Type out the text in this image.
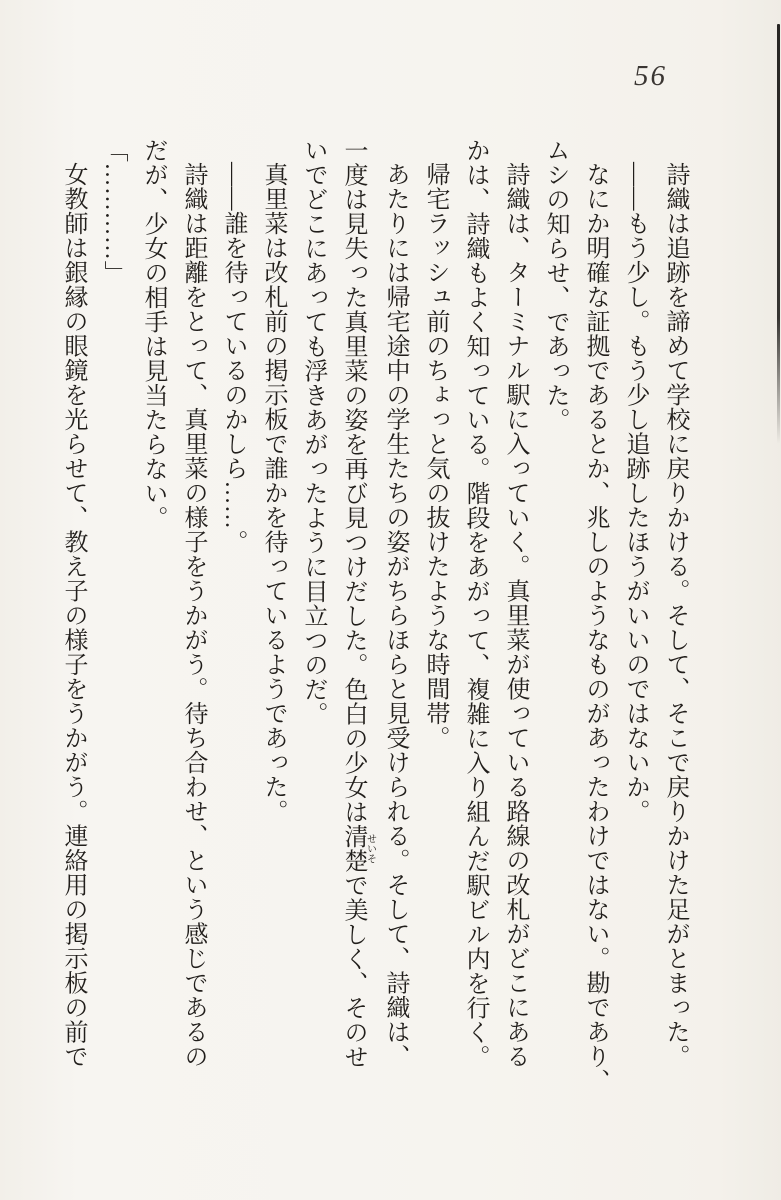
56
詩織は追跡を諦めて学校に戻りかける。そして、そこで戻りかけた足がとまった。
――もう少し。もう少し追跡したほうがいいのではないか。
なにか明確な証拠であるとか、兆しのようなものがあったわけではない。勘であり、
ムシの知らせ、であった。
詩織は、ターミナル駅に入っていく。真里菜が使っている路線の改札がどこにある
かは、詩織もよく知っている。階段をあがって、複雑に入り組んだ駅ビル内を行く。
帰宅ラッシュ前のちょっと気の抜けたような時間帯。
あたりには帰宅途中の学生たちの姿がちらほらと見受けられる。そして、詩織は、
一度は見失った真里菜の姿を再び見つけだした。色白の少女は清楚せいそで美しく、そのせ
いでどこにあっても浮きあがったように目立つのだ。
真里菜は改札前の掲示板で誰かを待っているようであった。
――誰を待っているのかしら……。
詩織は距離をとって、真里菜の様子をうかがう。待ち合わせ、という感じであるの
だが、少女の相手は見当たらない。
「…………」
女教師は銀縁の眼鏡を光らせて、教え子の様子をうかがう。連絡用の掲示板の前で
